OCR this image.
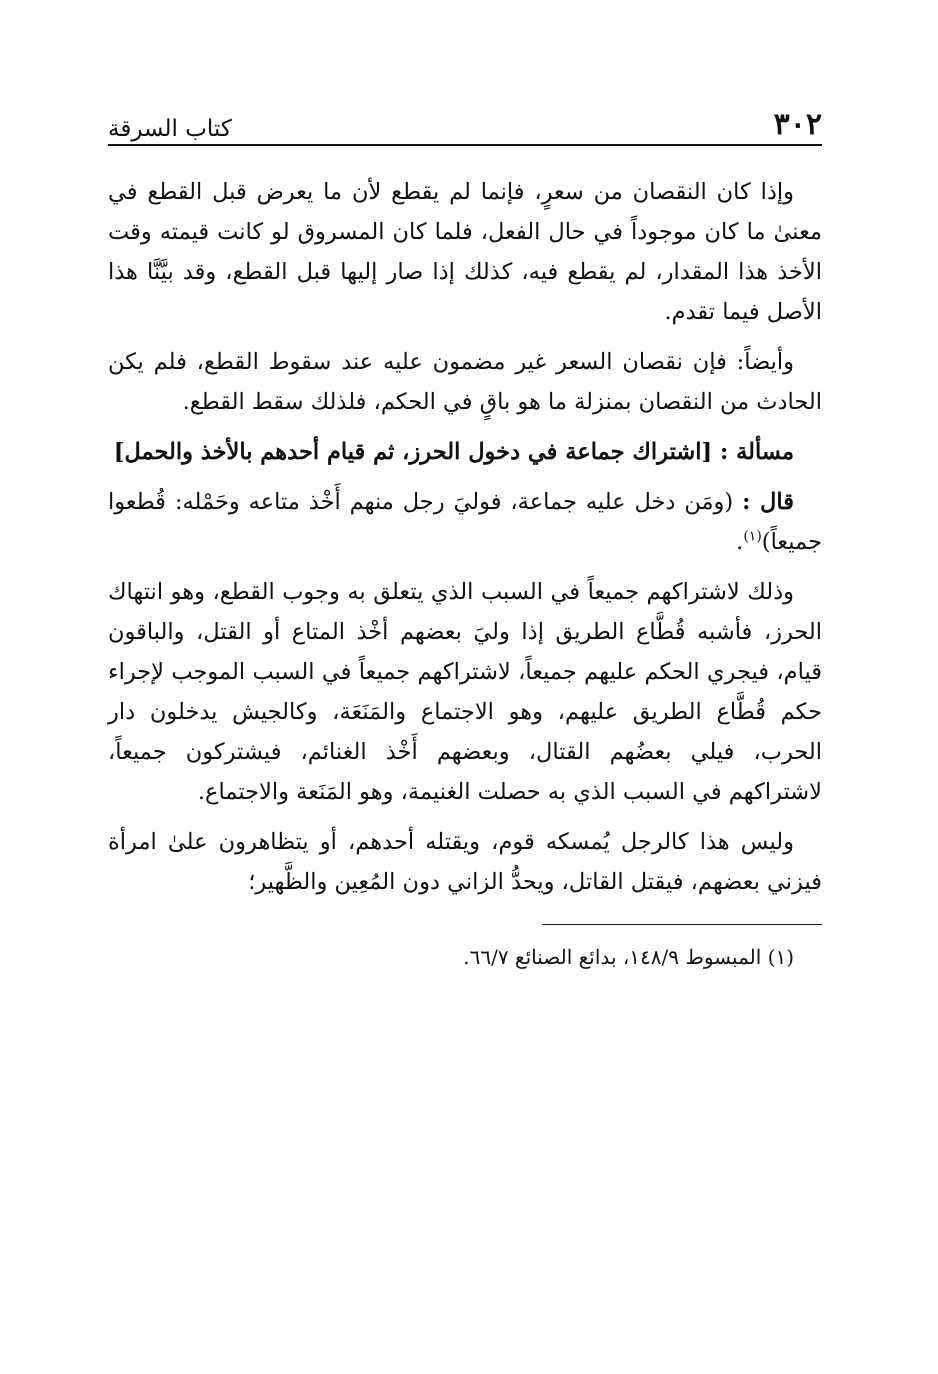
٣٠٢
كتاب السرقة

وإذا كان النقصان من سعرٍ، فإنما لم يقطع لأن ما يعرض قبل القطع في معنىٰ ما كان موجوداً في حال الفعل، فلما كان المسروق لو كانت قيمته وقت الأخذ هذا المقدار، لم يقطع فيه، كذلك إذا صار إليها قبل القطع، وقد بيَّنَّا هذا الأصل فيما تقدم.

وأيضاً: فإن نقصان السعر غير مضمون عليه عند سقوط القطع، فلم يكن الحادث من النقصان بمنزلة ما هو باقٍ في الحكم، فلذلك سقط القطع.

مسألة : [اشتراك جماعة في دخول الحرز، ثم قيام أحدهم بالأخذ والحمل]

قال : (ومَن دخل عليه جماعة، فوليَ رجل منهم أَخْذ متاعه وحَمْله: قُطعوا جميعاً)$^{(١)}$.

وذلك لاشتراكهم جميعاً في السبب الذي يتعلق به وجوب القطع، وهو انتهاك الحرز، فأشبه قُطَّاع الطريق إذا وليَ بعضهم أخْذ المتاع أو القتل، والباقون قيام، فيجري الحكم عليهم جميعاً، لاشتراكهم جميعاً في السبب الموجب لإجراء حكم قُطَّاع الطريق عليهم، وهو الاجتماع والمَنَعَة، وكالجيش يدخلون دار الحرب، فيلي بعضُهم القتال، وبعضهم أَخْذ الغنائم، فيشتركون جميعاً، لاشتراكهم في السبب الذي به حصلت الغنيمة، وهو المَنَعة والاجتماع.

وليس هذا كالرجل يُمسكه قوم، ويقتله أحدهم، أو يتظاهرون علىٰ امرأة فيزني بعضهم، فيقتل القاتل، ويحدُّ الزاني دون المُعِين والظَّهير؛

(١) المبسوط ١٤٨/٩، بدائع الصنائع ٦٦/٧.
